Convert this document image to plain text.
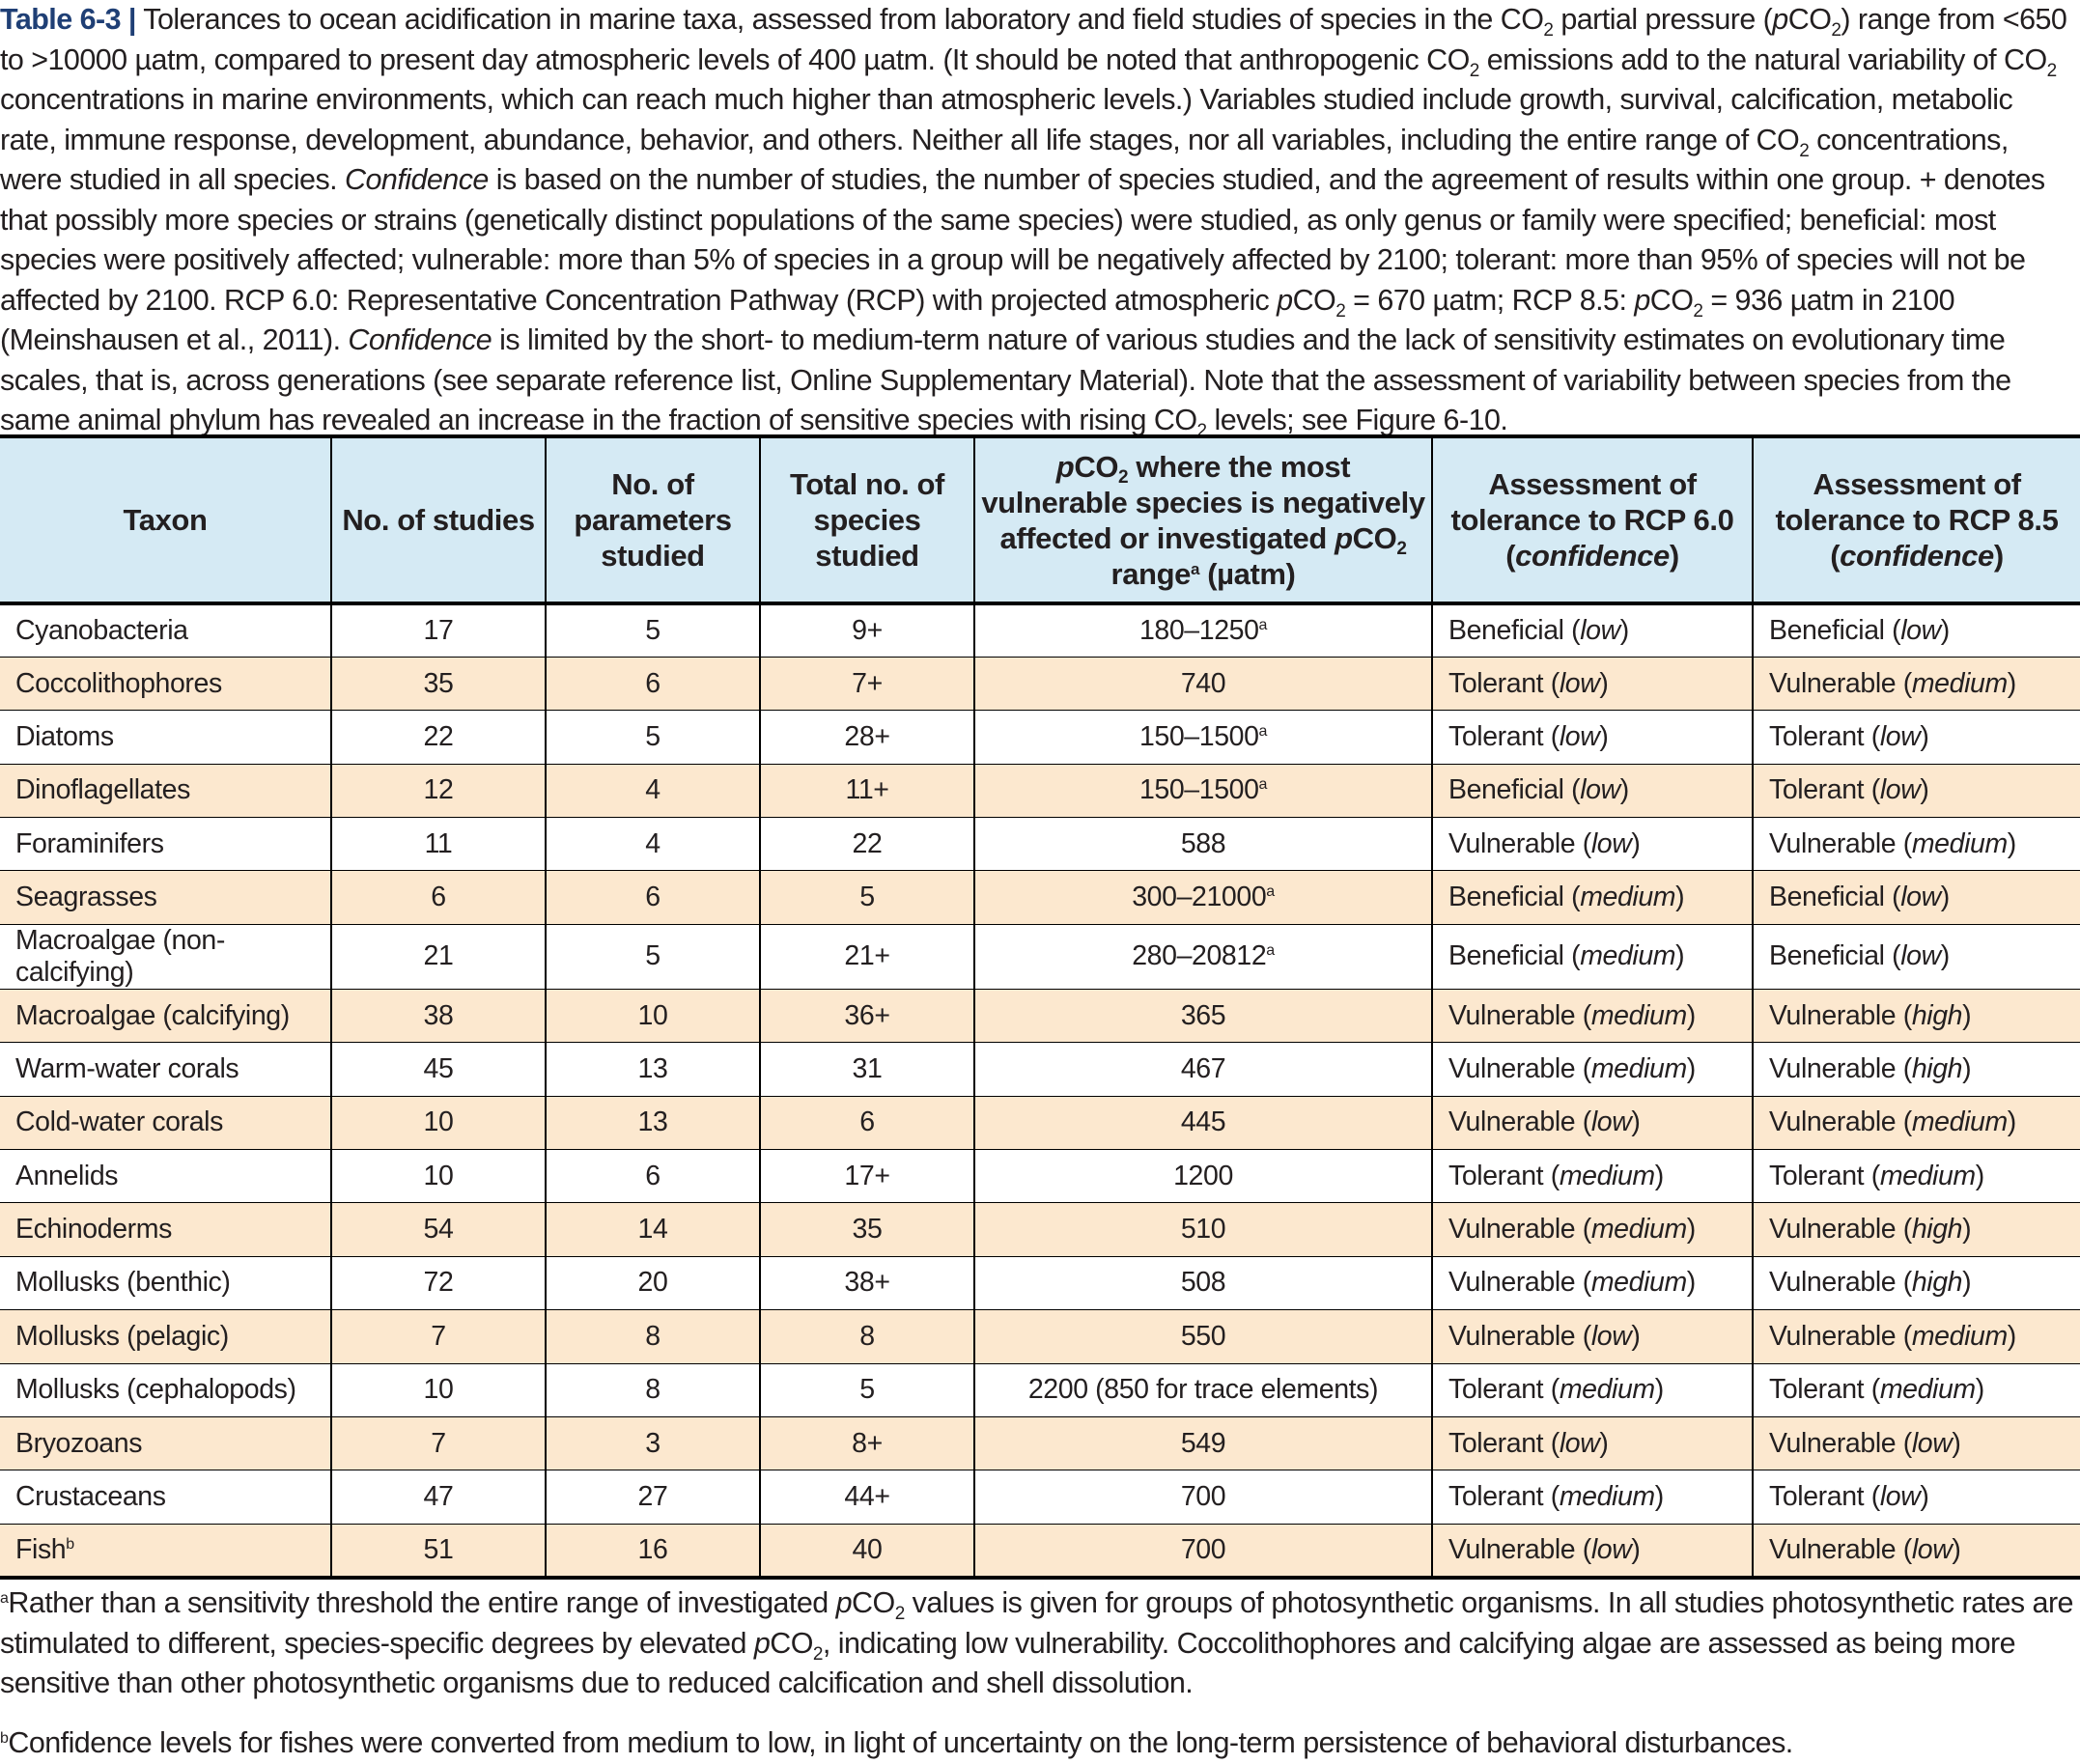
Table 6-3 | Tolerances to ocean acidification in marine taxa, assessed from laboratory and field studies of species in the $CO_2$ partial pressure (pCO$_2$) range from <650 to >10000 µatm, compared to present day atmospheric levels of 400 µatm. (It should be noted that anthropogenic $CO_2$ emissions add to the natural variability of $CO_2$ concentrations in marine environments, which can reach much higher than atmospheric levels.) Variables studied include growth, survival, calcification, metabolic rate, immune response, development, abundance, behavior, and others. Neither all life stages, nor all variables, including the entire range of $CO_2$ concentrations, were studied in all species. Confidence is based on the number of studies, the number of species studied, and the agreement of results within one group. + denotes that possibly more species or strains (genetically distinct populations of the same species) were studied, as only genus or family were specified; beneficial: most species were positively affected; vulnerable: more than 5% of species in a group will be negatively affected by 2100; tolerant: more than 95% of species will not be affected by 2100. RCP 6.0: Representative Concentration Pathway (RCP) with projected atmospheric pCO$_2$ = 670 µatm; RCP 8.5: pCO$_2$ = 936 µatm in 2100 (Meinshausen et al., 2011). Confidence is limited by the short- to medium-term nature of various studies and the lack of sensitivity estimates on evolutionary time scales, that is, across generations (see separate reference list, Online Supplementary Material). Note that the assessment of variability between species from the same animal phylum has revealed an increase in the fraction of sensitive species with rising $CO_2$ levels; see Figure 6-10.
Taxon	No. of studies	No. of parameters studied	Total no. of species studied	pCO$_2$ where the most vulnerable species is negatively affected or investigated pCO$_2$
range$^a$ (µatm)	Assessment of tolerance to RCP 6.0 (confidence)	Assessment of tolerance to RCP 8.5 (confidence)
Cyanobacteria	17	5	9+	$180-1250^a$	Beneficial (low)	Beneficial (low)
Coccolithophores	35	6	7+	740	Tolerant (low)	Vulnerable (medium)
Diatoms	22	5	28+	$150-1500^a$	Tolerant (low)	Tolerant (low)
Dinoflagellates	12	4	11+	$150-1500^a$	Beneficial (low)	Tolerant (low)
Foraminifers	11	4	22	588	Vulnerable (low)	Vulnerable (medium)
Seagrasses	6	6	5	300–21000$^a$	Beneficial (medium)	Beneficial (low)
Macroalgae (non-calcifying)	21	5	21+	$280-20812^a$	Beneficial (medium)	Beneficial (low)
Macroalgae (calcifying)	38	10	36+	365	Vulnerable (medium)	Vulnerable (high)
Warm-water corals	45	13	31	467	Vulnerable (medium)	Vulnerable (high)
Cold-water corals	10	13	6	445	Vulnerable (low)	Vulnerable (medium)
Annelids	10	6	17+	1200	Tolerant (medium)	Tolerant (medium)
Echinoderms	54	14	35	510	Vulnerable (medium)	Vulnerable (high)
Mollusks (benthic)	72	20	38+	508	Vulnerable (medium)	Vulnerable (high)
Mollusks (pelagic)	7	8	8	550	Vulnerable (low)	Vulnerable (medium)
Mollusks (cephalopods)	10	8	5	2200 (850 for trace elements)	Tolerant (medium)	Tolerant (medium)
Bryozoans	7	3	8+	549	Tolerant (low)	Vulnerable (low)
Crustaceans	47	27	44+	700	Tolerant (medium)	Tolerant (low)
Fish$^b$	51	16	40	700	Vulnerable (low)	Vulnerable (low)
$^a$Rather than a sensitivity threshold the entire range of investigated pCO$_2$ values is given for groups of photosynthetic organisms. In all studies photosynthetic rates are stimulated to different, species-specific degrees by elevated pCO$_2$, indicating low vulnerability. Coccolithophores and calcifying algae are assessed as being more sensitive than other photosynthetic organisms due to reduced calcification and shell dissolution.
$^b$Confidence levels for fishes were converted from medium to low, in light of uncertainty on the long-term persistence of behavioral disturbances.
